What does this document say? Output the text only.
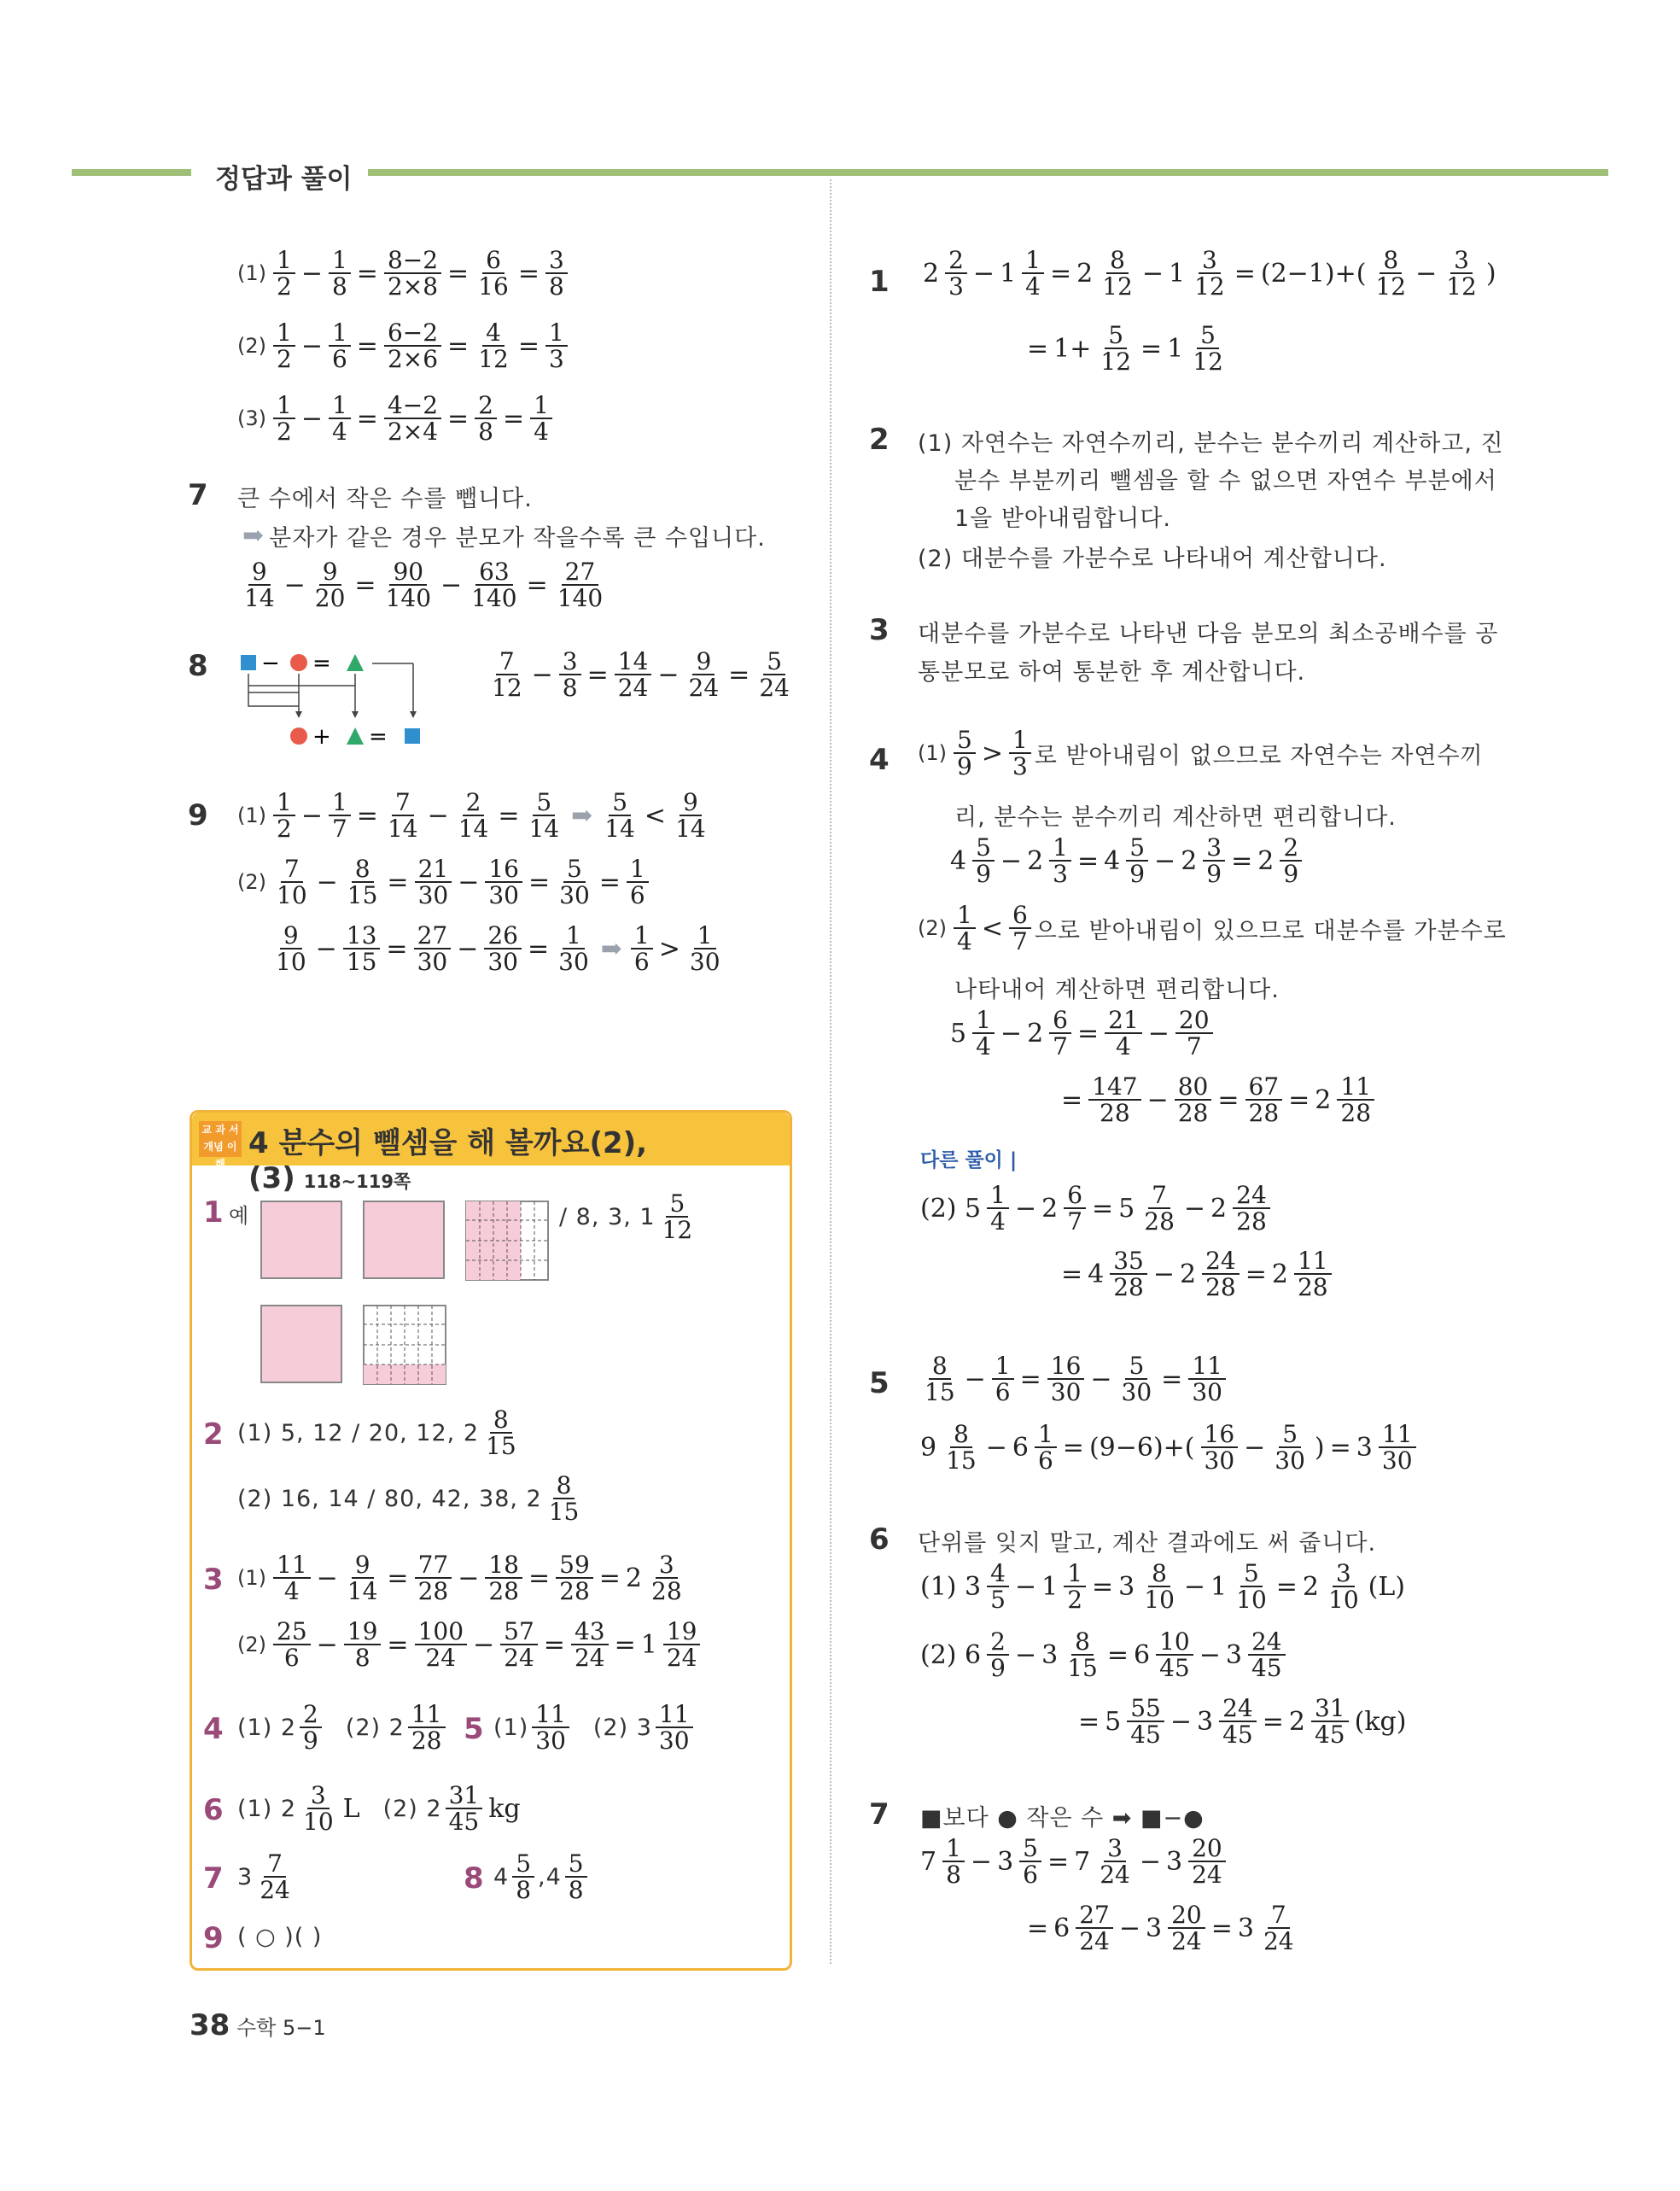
정답과 풀이
(1) 1
$2 - \frac{1}{8} = \frac{8-2}{2\times 8} = \frac{6}{16} = \frac{3}{8}$
(2) 1
$2 - \frac{1}{6} = \frac{6-2}{2\times 6} = \frac{4}{12} = \frac{1}{3}$
(3) 1
$2 - \frac{1}{4} = \frac{4-2}{2\times 4} = \frac{2}{8} = \frac{1}{4}$
7 큰 수에서 작은 수를 뺍니다.
➡ 분자가 같은 경우 분모가 작을수록 큰 수입니다.
9
$14 - \frac{9}{20} = \frac{90}{140} - \frac{63}{140} = \frac{27}{140}$
8 − =
+ =
7
$12 - \frac{3}{8} = \frac{14}{24} - \frac{9}{24} = \frac{5}{24}$
9 (1) 1
$2 - \frac{1}{7} = \frac{7}{14} - \frac{2}{14} = \frac{5}{14}$ ➡ 5
14 < 9
14
(2) 7
$10 - \frac{8}{15} = \frac{21}{30} - \frac{16}{30} = \frac{5}{30} = \frac{1}{6}$
9
$10 - \frac{13}{15} = \frac{27}{30} - \frac{26}{30} = \frac{1}{30}$ ➡ 1
6 > 1
30
교 과 서
개념 이해
4 분수의 뺄셈을 해 볼까요(2), (3) 118~119쪽
1 예	/ 8, 3, 1 5
12
2 (1) 5, 12 / 20, 12, 2 8
15
(2) 16, 14 / 80, 42, 38, 2 8
15
3 (1) 11
$4 - \frac{9}{14} = \frac{77}{28} - \frac{18}{28} = \frac{59}{28} = 2$ 3
28
(2) 25
$6 - \frac{19}{8} = \frac{100}{24} - \frac{57}{24} = \frac{43}{24} = 1$ 19
24
4 (1) 2 2
9 (2) 2 11
28 5 (1) 11
30 (2) 3 11
30
6 (1) 2 3
10 L (2) 2 31
45 kg
7 3 7
24	8 4 5
8 , 4 5
8
9 ( ○ )( )
1 2 2
$3 - 1 \frac{1}{4} = 2$ 8
$12 - 1 \frac{3}{12} = (2-1)+$( 8
$12 - \frac{3}{12}$ )
= $1+ \frac{5}{12} = 1$ 5
12
2 (1) 자연수는 자연수끼리, 분수는 분수끼리 계산하고, 진
분수 부분끼리 뺄셈을 할 수 없으면 자연수 부분에서
1을 받아내림합니다.
(2) 대분수를 가분수로 나타내어 계산합니다.
3 대분수를 가분수로 나타낸 다음 분모의 최소공배수를 공
통분모로 하여 통분한 후 계산합니다.
4 (1) 5
9 > 1
3 로 받아내림이 없으므로 자연수는 자연수끼
리, 분수는 분수끼리 계산하면 편리합니다.
4 5
$9 - 2 \frac{1}{3} = 4$ 5
$9 - 2 \frac{3}{9} = 2$ 2
9
(2) 1
4 < 6
7 으로 받아내림이 있으므로 대분수를 가분수로
나타내어 계산하면 편리합니다.
5 1
$4 - 2 \frac{6}{7} = \frac{21}{4} - \frac{20}{7}$
= $\frac{147}{28} - \frac{80}{28} = \frac{67}{28} = 2$ 11
28
다른 풀이 |
(2) 5 1
$4 - 2 \frac{6}{7} = 5$ 7
28 − 2 24
28
= 4 35
$28 - 2 \frac{24}{28} = 2$ 11
28
5
8
$15 - \frac{1}{6} = \frac{16}{30} - \frac{5}{30} = \frac{11}{30}$
9 8
$15 - 6 \frac{1}{6} = (9-6)+$( 16
$30 - \frac{5}{30}$ ) = 3 11
30
6 단위를 잊지 말고, 계산 결과에도 써 줍니다.
(1) 3 4
$5 - 1 \frac{1}{2} = 3$ 8
$10 - 1 \frac{5}{10} = 2$ 3
10 (L)
(2) 6 2
$9 - 3 \frac{8}{15} = 6$ 10
45 − 3 24
45
= 5 55
$45 - 3 \frac{24}{45} = 2$ 31
45 (kg)
7 ■보다 ● 작은 수 ➡ ■−●
7 1
$8 - 3 \frac{5}{6} = 7$ 3
24 − 3 20
24
= 6 27
$24 - 3 \frac{20}{24} = 3$ 7
24
38 수학 5−1
